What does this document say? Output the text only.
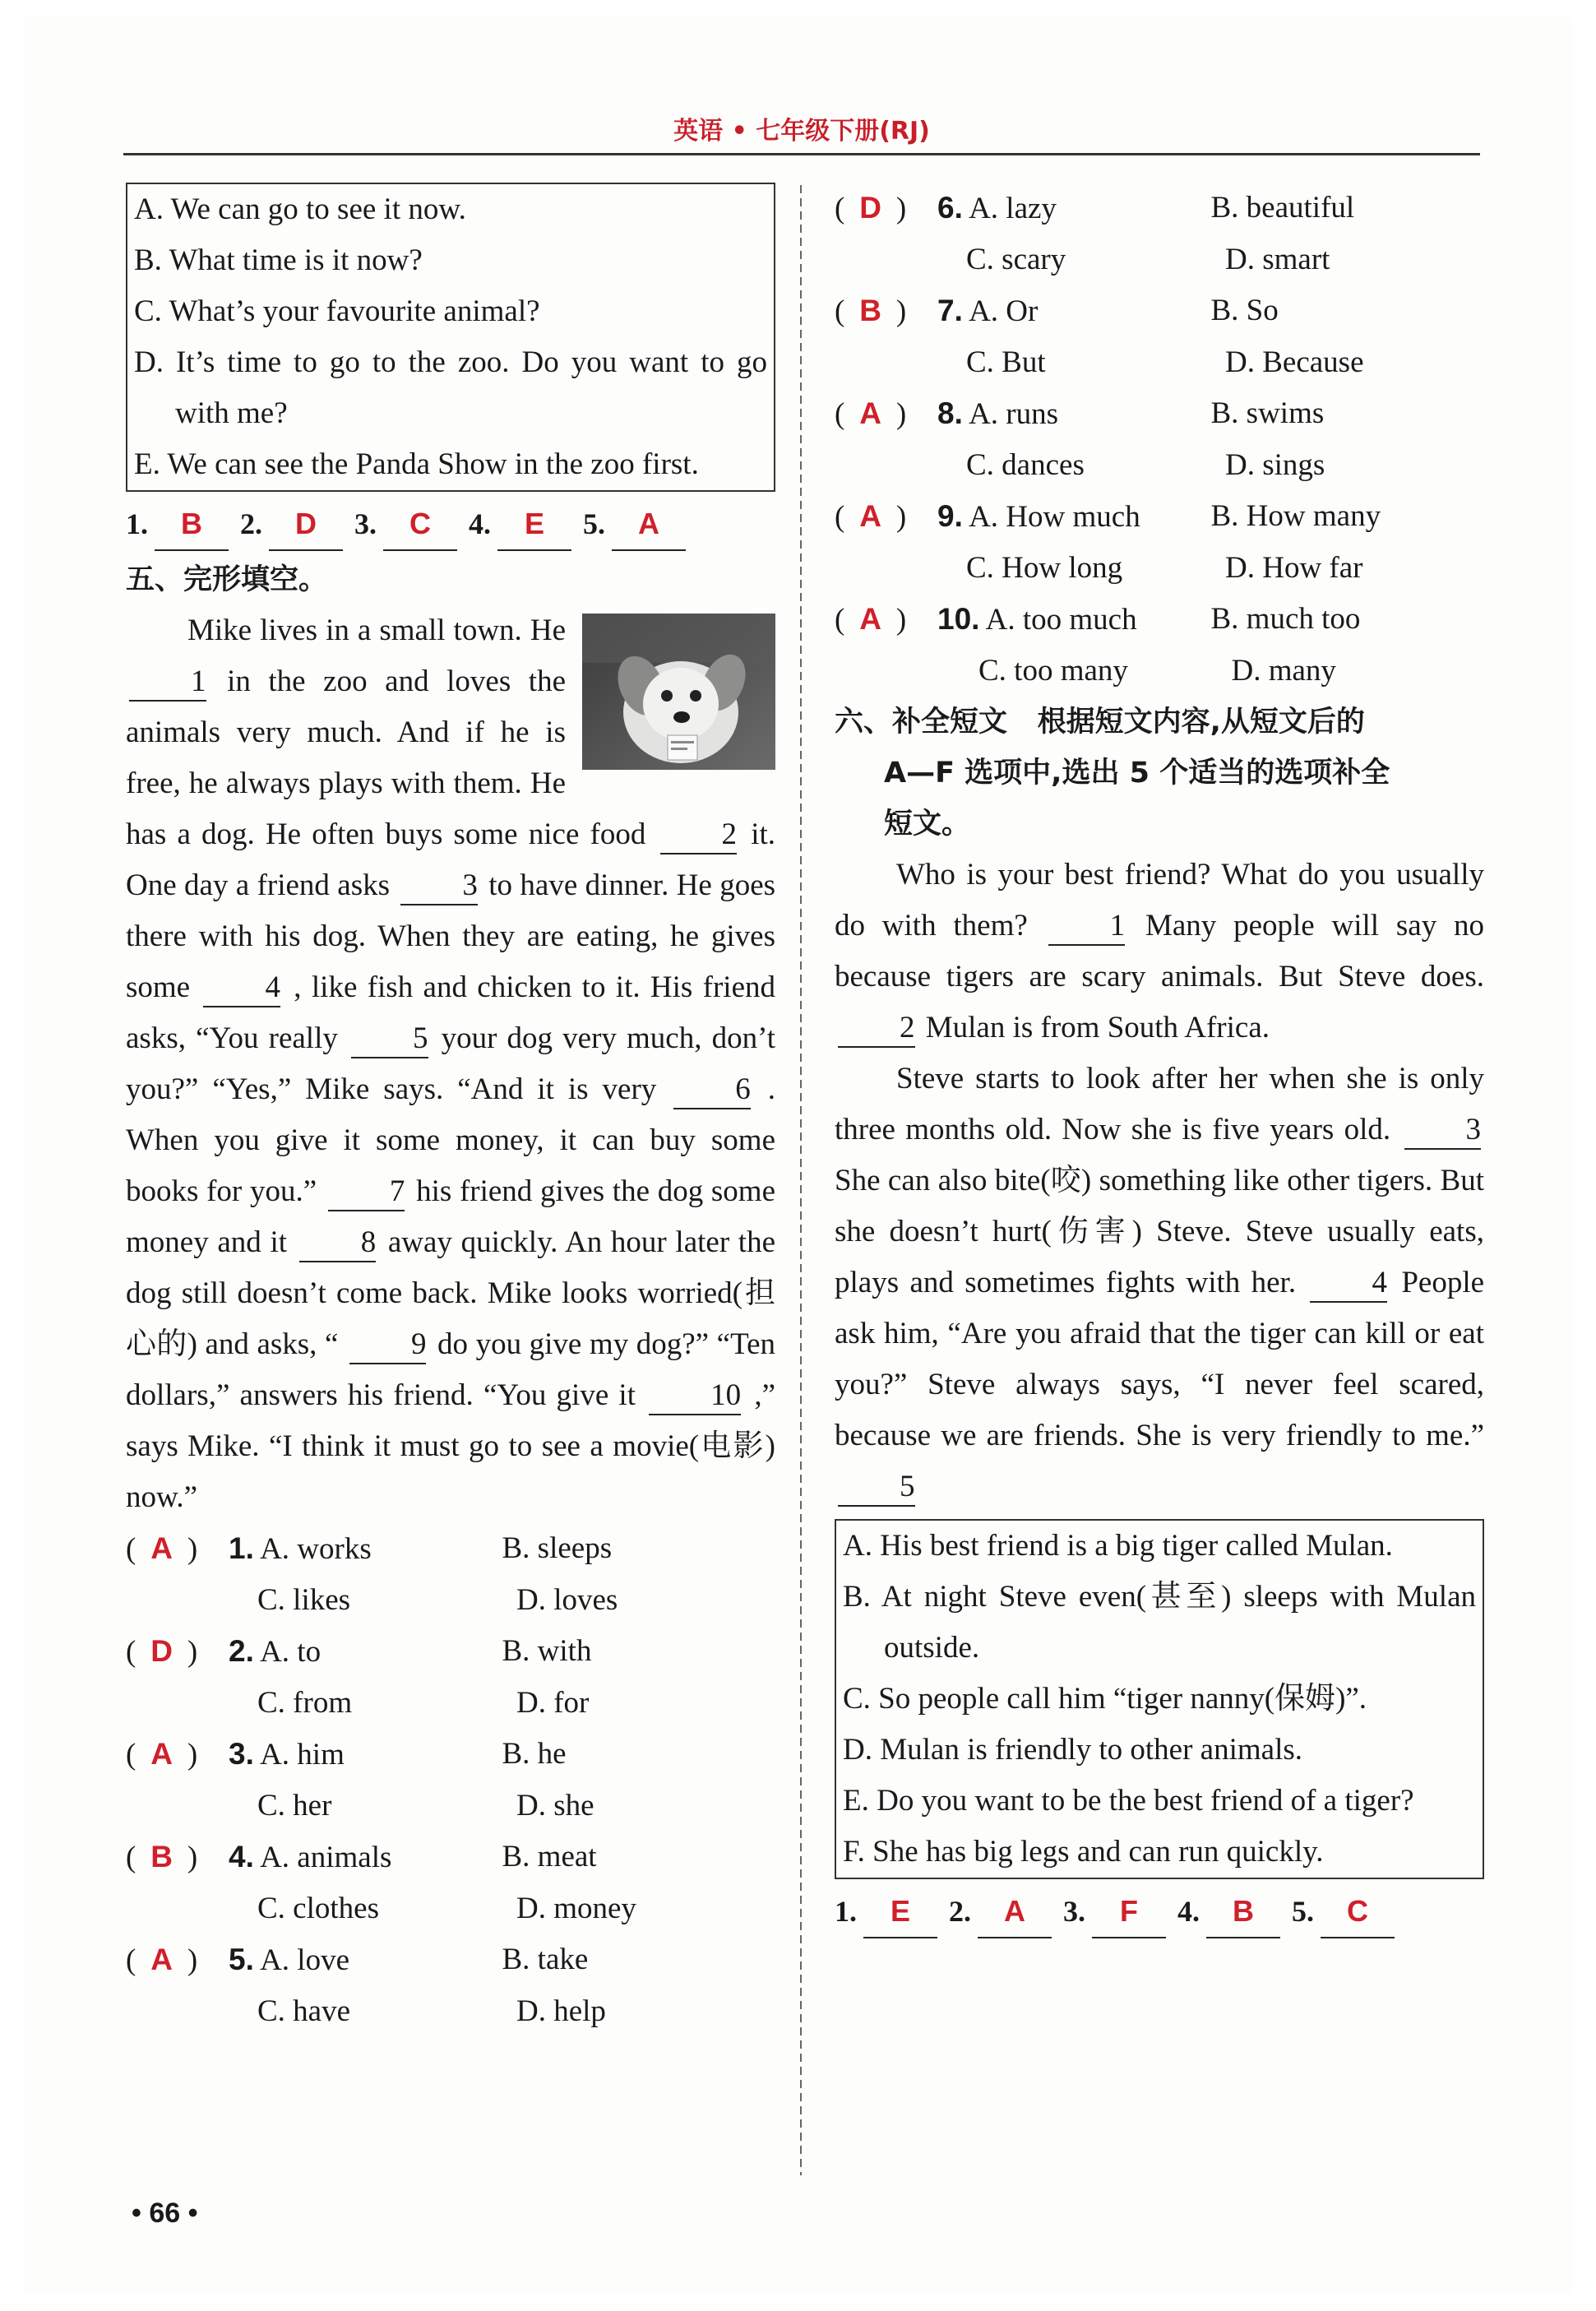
英语 • 七年级下册(RJ)
A. We can go to see it now.
B. What time is it now?
C. What’s your favourite animal?
D. It’s time to go to the zoo. Do you want to go with me?
E. We can see the Panda Show in the zoo first.
1.	B	2.	D	3.	C	4.	E	5.	A
五、完形填空。
Mike lives in a small town. He 1 in the zoo and loves the animals very much. And if he is free, he always plays with them. He has a dog. He often buys some nice food 2 it. One day a friend asks 3 to have dinner. He goes there with his dog. When they are eating, he gives some 4 , like fish and chicken to it. His friend asks, “You really 5 your dog very much, don’t you?” “Yes,” Mike says. “And it is very	6 . When you give it some money, it can buy some books for you.” 7 his friend gives the dog some money and it 8 away quickly. An hour later the dog still doesn’t come back. Mike looks worried(担心的) and asks, “ 9 do you give my dog?” “Ten dollars,” answers his friend. “You give it 10 ,” says Mike. “I think it must go to see a movie(电影) now.”
( A )	1. A. works	B. sleeps
C. likes	D. loves
( D )	2. A. to	B. with
C. from	D. for
( A )	3. A. him	B. he
C. her	D. she
( B )	4. A. animals	B. meat
C. clothes	D. money
( A )	5. A. love	B. take
C. have	D. help
( D )	6. A. lazy	B. beautiful
C. scary	D. smart
( B )	7. A. Or	B. So
C. But	D. Because
( A )	8. A. runs	B. swims
C. dances	D. sings
( A )	9. A. How much	B. How many
C. How long	D. How far
( A )	10. A. too much	B. much too
C. too many	D. many
六、补全短文 根据短文内容,从短文后的
A—F 选项中,选出 5 个适当的选项补全
短文。
Who is your best friend? What do you usually do with them?	1 Many people will say no because tigers are scary animals. But Steve does. 2 Mulan is from South Africa.
Steve starts to look after her when she is only three months old. Now she is five years old. 3 She can also bite(咬) something like other tigers. But she doesn’t hurt(伤害) Steve. Steve usually eats, plays and sometimes fights with her. 4 People ask him, “Are you afraid that the tiger can kill or eat you?” Steve always says, “I never feel scared, because we are friends. She is very friendly to me.” 5
A. His best friend is a big tiger called Mulan.
B. At night Steve even(甚至) sleeps with Mulan outside.
C. So people call him “tiger nanny(保姆)”.
D. Mulan is friendly to other animals.
E. Do you want to be the best friend of a tiger?
F. She has big legs and can run quickly.
1.	E	2.	A	3.	F	4.	B	5.	C
• 66 •
